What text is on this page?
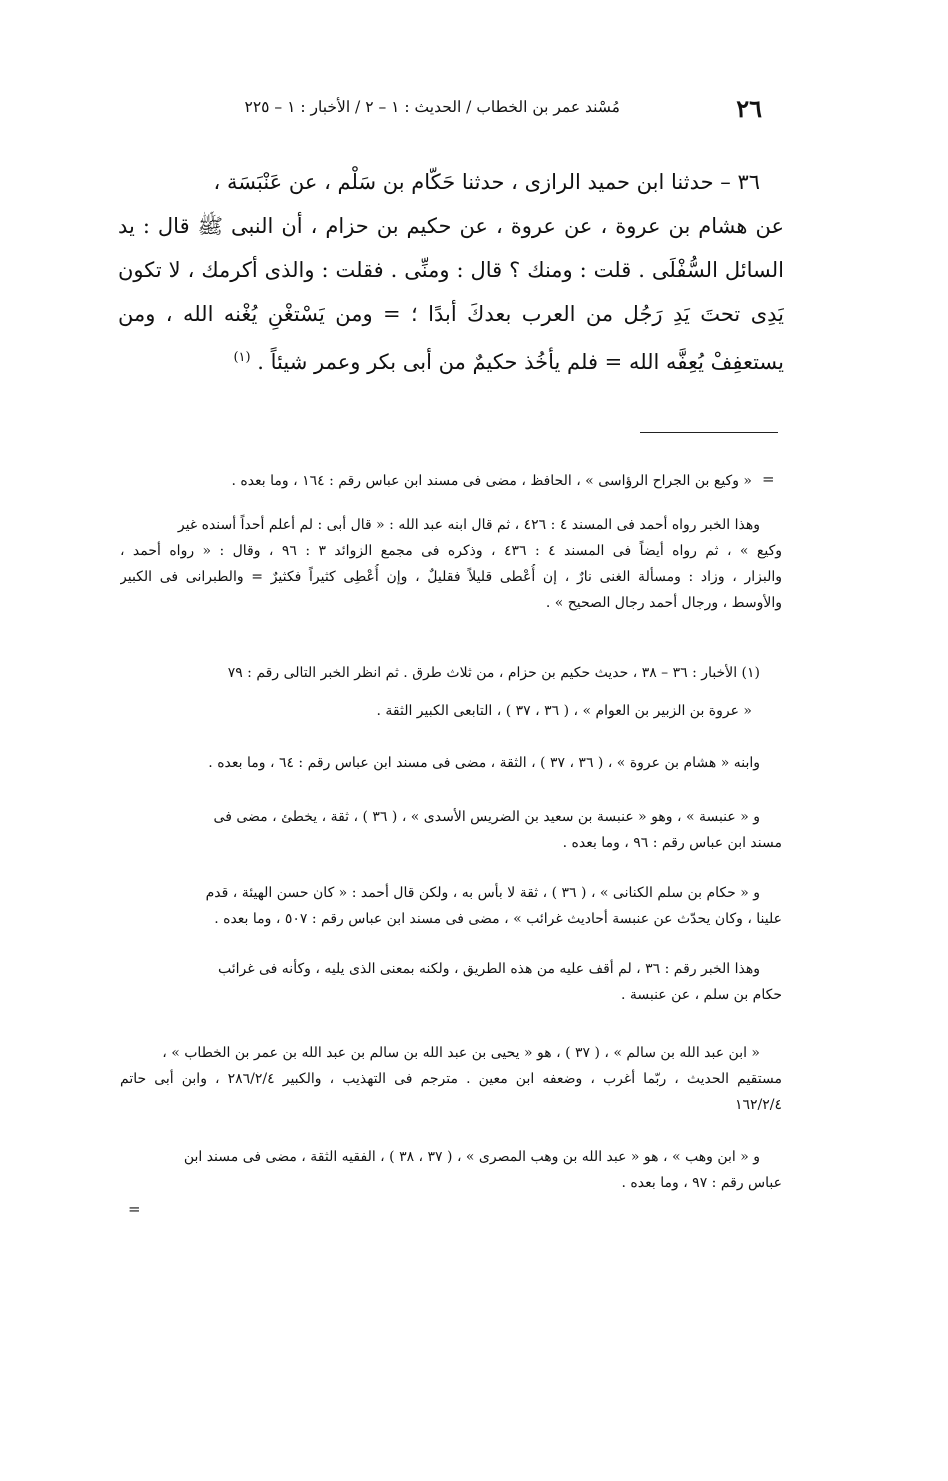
٢٦
مُسْند عمر بن الخطاب / الحديث : ١ – ٢ / الأخبار : ١ – ٢٢٥
٣٦ – حدثنا ابن حميد الرازى ، حدثنا حَكّام بن سَلْم ، عن عَنْبَسَة ،
عن هشام بن عروة ، عن عروة ، عن حكيم بن حزام ، أن النبى ﷺ قال : يد
السائل السُّفْلَى . قلت : ومنك ؟ قال : ومنِّى . فقلت : والذى أكرمك ، لا تكون
يَدِى تحتَ يَدِ رَجُل من العرب بعدكَ أبدًا ؛ = ومن يَسْتغْنِ يُغْنه الله ، ومن
يستعفِفْ يُعِفَّه الله = فلم يأخُذ حكيمٌ من أبى بكر وعمر شيئاً . $^{(١)}$
=
=
« وكيع بن الجراح الرؤاسى » ، الحافظ ، مضى فى مسند ابن عباس رقم : ١٦٤ ، وما بعده .
وهذا الخبر رواه أحمد فى المسند ٤ : ٤٢٦ ، ثم قال ابنه عبد الله : « قال أبى : لم أعلم أحداً أسنده غير
وكيع » ، ثم رواه أيضاً فى المسند ٤ : ٤٣٦ ، وذكره فى مجمع الزوائد ٣ : ٩٦ ، وقال : « رواه أحمد ،
والبزار ، وزاد : ومسألة الغنى نارٌ ، إن أُعْطى قليلاً فقليلٌ ، وإن أُعْطِى كثيراً فكثيرٌ = والطبرانى فى الكبير
والأوسط ، ورجال أحمد رجال الصحيح » .
(١) الأخبار : ٣٦ – ٣٨ ، حديث حكيم بن حزام ، من ثلاث طرق . ثم انظر الخبر التالى رقم : ٧٩
« عروة بن الزبير بن العوام » ، ( ٣٦ ، ٣٧ ) ، التابعى الكبير الثقة .
وابنه « هشام بن عروة » ، ( ٣٦ ، ٣٧ ) ، الثقة ، مضى فى مسند ابن عباس رقم : ٦٤ ، وما بعده .
و « عنبسة » ، وهو « عنبسة بن سعيد بن الضريس الأسدى » ، ( ٣٦ ) ، ثقة ، يخطئ ، مضى فى
مسند ابن عباس رقم : ٩٦ ، وما بعده .
و « حكام بن سلم الكنانى » ، ( ٣٦ ) ، ثقة لا بأس به ، ولكن قال أحمد : « كان حسن الهيئة ، قدم
علينا ، وكان يحدّث عن عنبسة أحاديث غرائب » ، مضى فى مسند ابن عباس رقم : ٥٠٧ ، وما بعده .
وهذا الخبر رقم : ٣٦ ، لم أقف عليه من هذه الطريق ، ولكنه بمعنى الذى يليه ، وكأنه فى غرائب
حكام بن سلم ، عن عنبسة .
« ابن عبد الله بن سالم » ، ( ٣٧ ) ، هو « يحيى بن عبد الله بن سالم بن عبد الله بن عمر بن الخطاب » ،
مستقيم الحديث ، ربّما أغرب ، وضعفه ابن معين . مترجم فى التهذيب ، والكبير ٢٨٦/٢/٤ ، وابن أبى حاتم
١٦٢/٢/٤
و « ابن وهب » ، هو « عبد الله بن وهب المصرى » ، ( ٣٧ ، ٣٨ ) ، الفقيه الثقة ، مضى فى مسند ابن
عباس رقم : ٩٧ ، وما بعده .
